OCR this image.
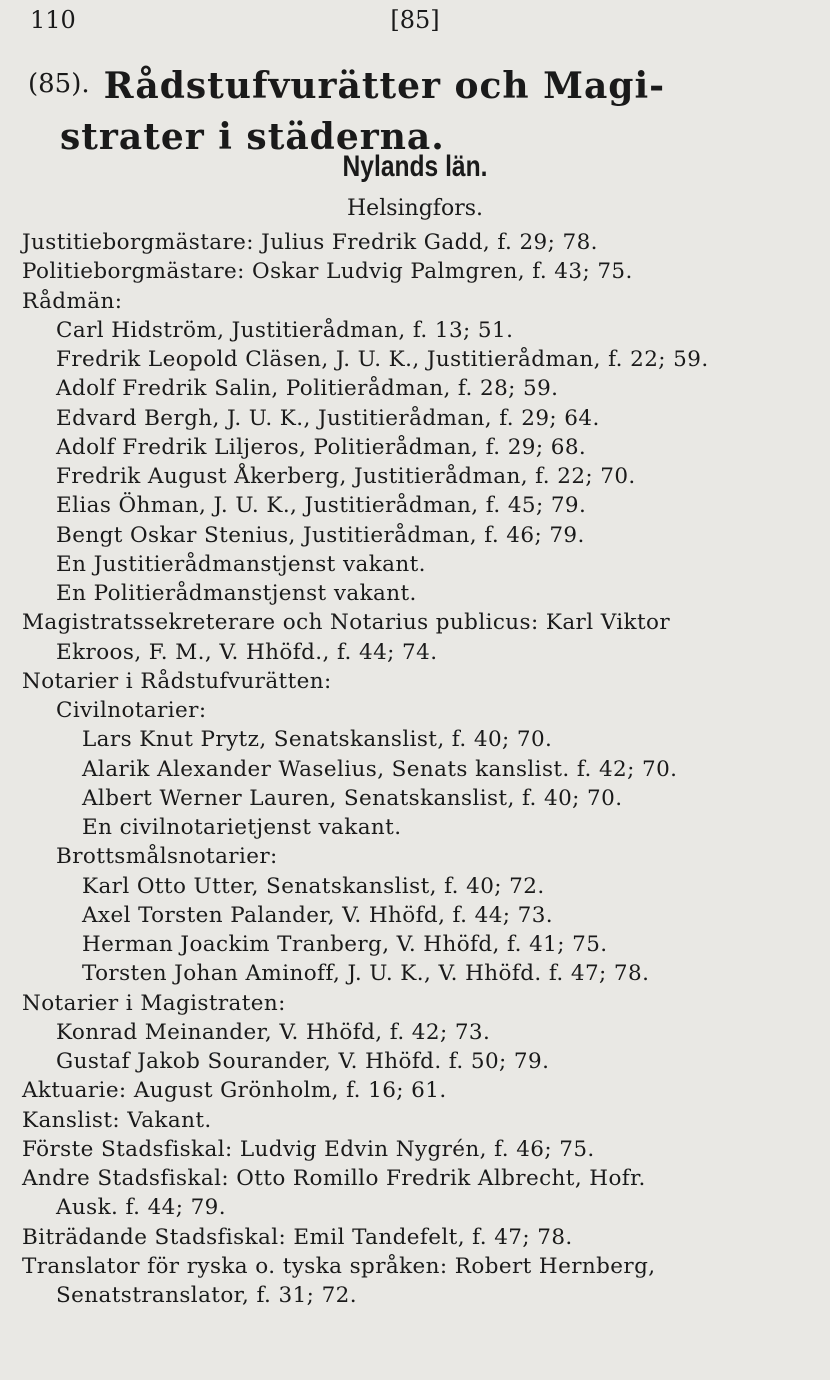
110	[85]
(85). Rådstufvurätter och Magi-
strater i städerna.
Nylands län.
Helsingfors.
Justitieborgmästare: Julius Fredrik Gadd, f. 29; 78.
Politieborgmästare: Oskar Ludvig Palmgren, f. 43; 75.
Rådmän:
Carl Hidström, Justitierådman, f. 13; 51.
Fredrik Leopold Cläsen, J. U. K., Justitierådman, f. 22; 59.
Adolf Fredrik Salin, Politierådman, f. 28; 59.
Edvard Bergh, J. U. K., Justitierådman, f. 29; 64.
Adolf Fredrik Liljeros, Politierådman, f. 29; 68.
Fredrik August Åkerberg, Justitierådman, f. 22; 70.
Elias Öhman, J. U. K., Justitierådman, f. 45; 79.
Bengt Oskar Stenius, Justitierådman, f. 46; 79.
En Justitierådmanstjenst vakant.
En Politierådmanstjenst vakant.
Magistratssekreterare och Notarius publicus: Karl Viktor
Ekroos, F. M., V. Hhöfd., f. 44; 74.
Notarier i Rådstufvurätten:
Civilnotarier:
Lars Knut Prytz, Senatskanslist, f. 40; 70.
Alarik Alexander Waselius, Senats kanslist. f. 42; 70.
Albert Werner Lauren, Senatskanslist, f. 40; 70.
En civilnotarietjenst vakant.
Brottsmålsnotarier:
Karl Otto Utter, Senatskanslist, f. 40; 72.
Axel Torsten Palander, V. Hhöfd, f. 44; 73.
Herman Joackim Tranberg, V. Hhöfd, f. 41; 75.
Torsten Johan Aminoff, J. U. K., V. Hhöfd. f. 47; 78.
Notarier i Magistraten:
Konrad Meinander, V. Hhöfd, f. 42; 73.
Gustaf Jakob Sourander, V. Hhöfd. f. 50; 79.
Aktuarie: August Grönholm, f. 16; 61.
Kanslist: Vakant.
Förste Stadsfiskal: Ludvig Edvin Nygrén, f. 46; 75.
Andre Stadsfiskal: Otto Romillo Fredrik Albrecht, Hofr.
Ausk. f. 44; 79.
Biträdande Stadsfiskal: Emil Tandefelt, f. 47; 78.
Translator för ryska o. tyska språken: Robert Hernberg,
Senatstranslator, f. 31; 72.
